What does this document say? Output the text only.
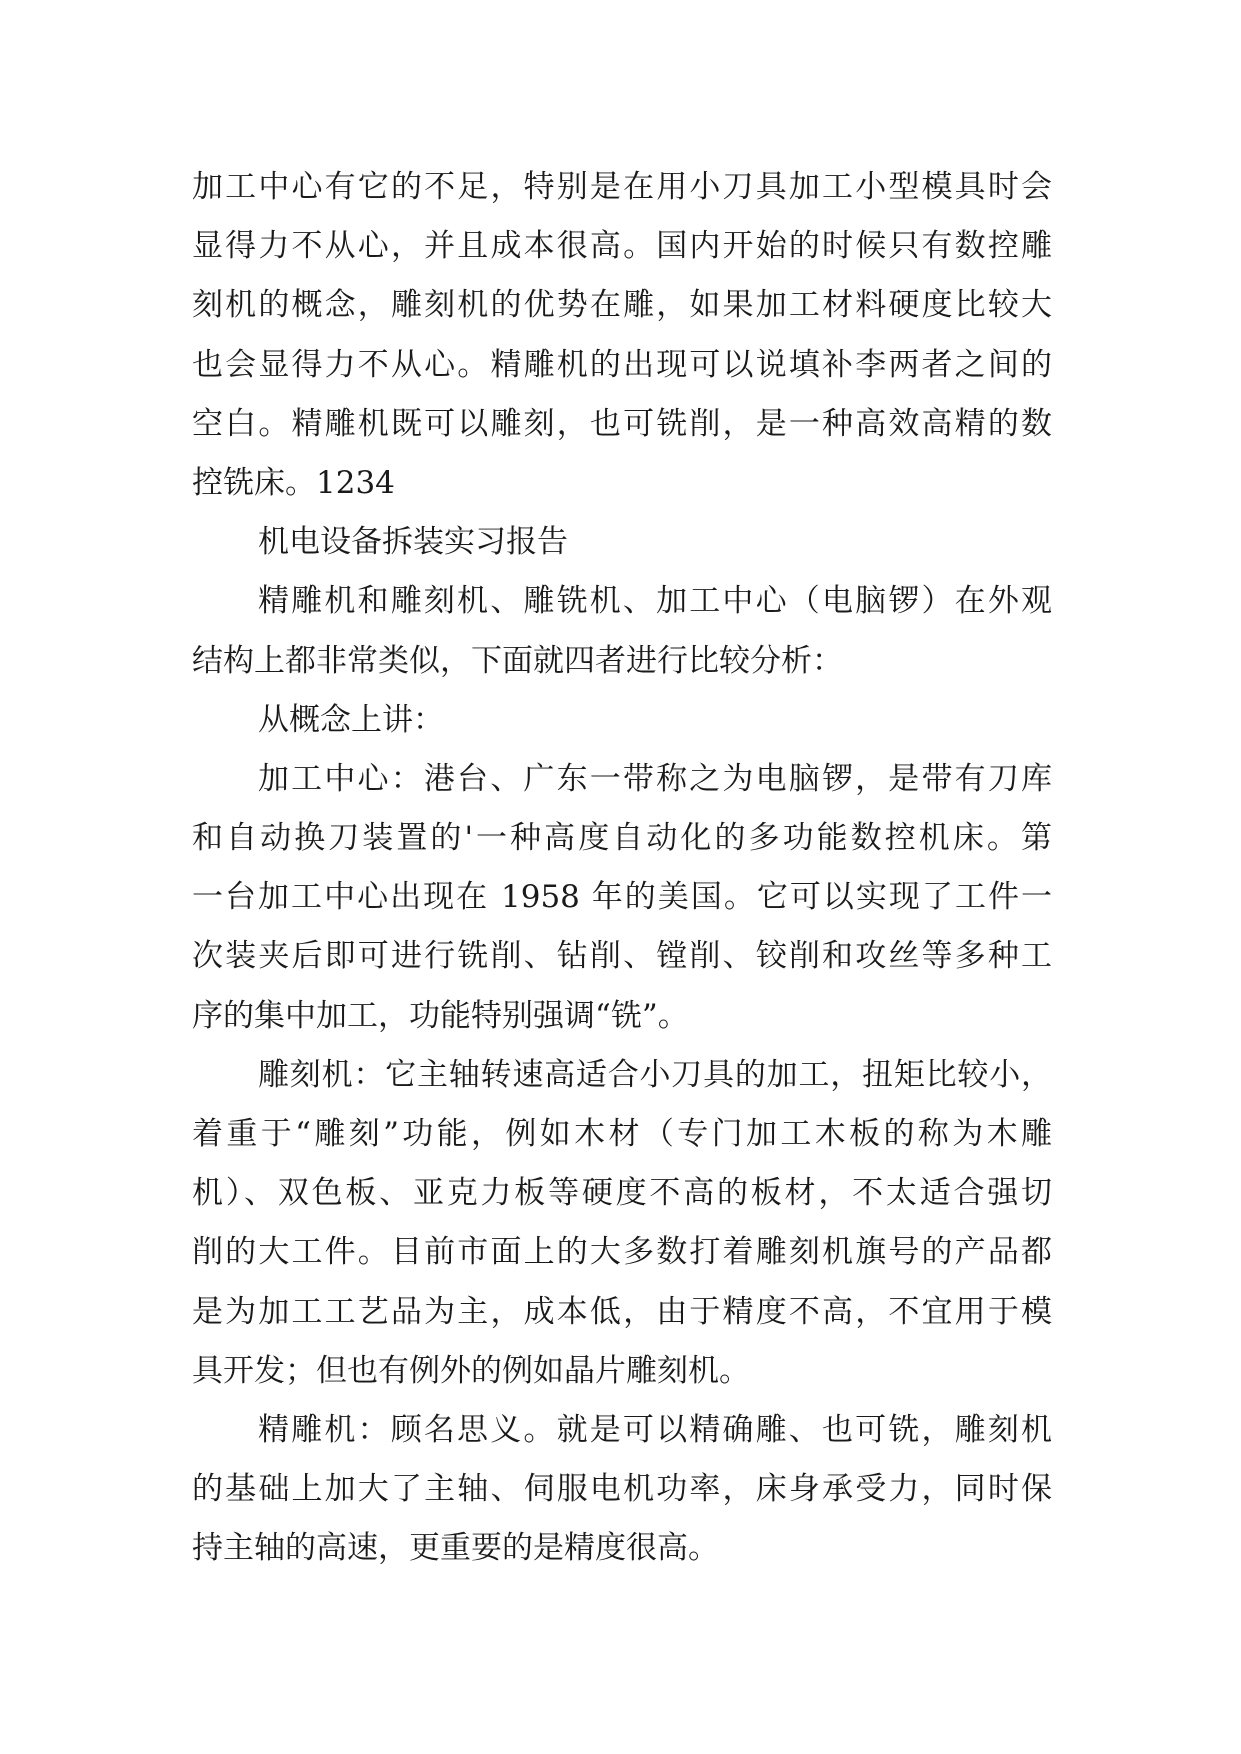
加工中心有它的不足，特别是在用小刀具加工小型模具时会
显得力不从心，并且成本很高。国内开始的时候只有数控雕
刻机的概念，雕刻机的优势在雕，如果加工材料硬度比较大
也会显得力不从心。精雕机的出现可以说填补李两者之间的
空白。精雕机既可以雕刻，也可铣削，是一种高效高精的数
控铣床。1234
机电设备拆装实习报告
精雕机和雕刻机、雕铣机、加工中心（电脑锣）在外观
结构上都非常类似，下面就四者进行比较分析：
从概念上讲：
加工中心：港台、广东一带称之为电脑锣，是带有刀库
和自动换刀装置的'一种高度自动化的多功能数控机床。第
一台加工中心出现在 1958 年的美国。它可以实现了工件一
次装夹后即可进行铣削、钻削、镗削、铰削和攻丝等多种工
序的集中加工，功能特别强调“铣”。
雕刻机：它主轴转速高适合小刀具的加工，扭矩比较小，
着重于“雕刻”功能，例如木材（专门加工木板的称为木雕
机）、双色板、亚克力板等硬度不高的板材，不太适合强切
削的大工件。目前市面上的大多数打着雕刻机旗号的产品都
是为加工工艺品为主，成本低，由于精度不高，不宜用于模
具开发；但也有例外的例如晶片雕刻机。
精雕机：顾名思义。就是可以精确雕、也可铣，雕刻机
的基础上加大了主轴、伺服电机功率，床身承受力，同时保
持主轴的高速，更重要的是精度很高。
